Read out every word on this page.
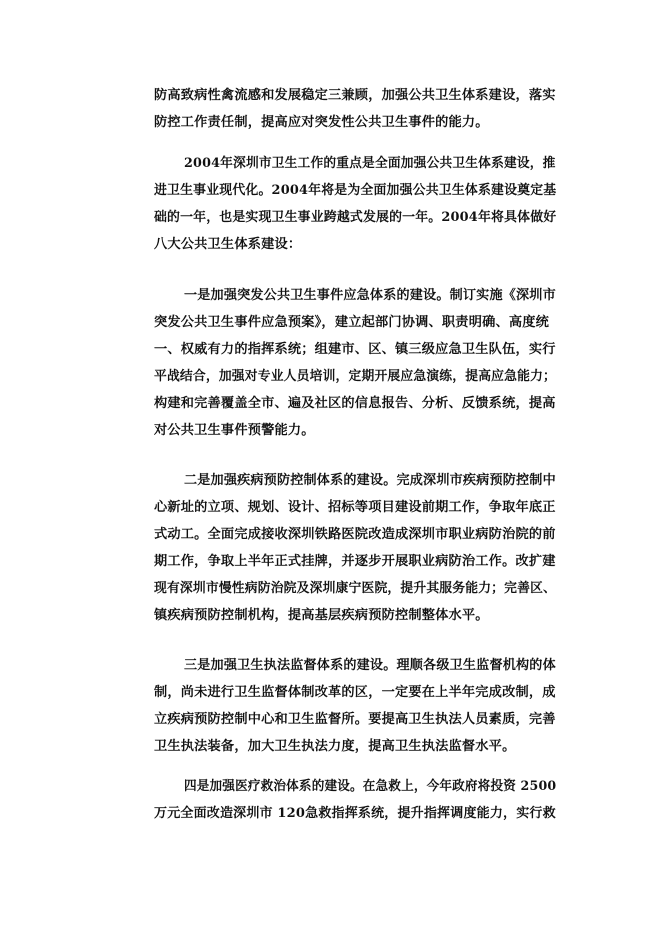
防高致病性禽流感和发展稳定三兼顾，加强公共卫生体系建设，落实
防控工作责任制，提高应对突发性公共卫生事件的能力。
2004年深圳市卫生工作的重点是全面加强公共卫生体系建设，推
进卫生事业现代化。2004年将是为全面加强公共卫生体系建设奠定基
础的一年，也是实现卫生事业跨越式发展的一年。2004年将具体做好
八大公共卫生体系建设：
一是加强突发公共卫生事件应急体系的建设。制订实施《深圳市
突发公共卫生事件应急预案》，建立起部门协调、职责明确、高度统
一、权威有力的指挥系统；组建市、区、镇三级应急卫生队伍，实行
平战结合，加强对专业人员培训，定期开展应急演练，提高应急能力；
构建和完善覆盖全市、遍及社区的信息报告、分析、反馈系统，提高
对公共卫生事件预警能力。
二是加强疾病预防控制体系的建设。完成深圳市疾病预防控制中
心新址的立项、规划、设计、招标等项目建设前期工作，争取年底正
式动工。全面完成接收深圳铁路医院改造成深圳市职业病防治院的前
期工作，争取上半年正式挂牌，并逐步开展职业病防治工作。改扩建
现有深圳市慢性病防治院及深圳康宁医院，提升其服务能力；完善区、
镇疾病预防控制机构，提高基层疾病预防控制整体水平。
三是加强卫生执法监督体系的建设。理顺各级卫生监督机构的体
制，尚未进行卫生监督体制改革的区，一定要在上半年完成改制，成
立疾病预防控制中心和卫生监督所。要提高卫生执法人员素质，完善
卫生执法装备，加大卫生执法力度，提高卫生执法监督水平。
四是加强医疗救治体系的建设。在急救上，今年政府将投资 2500
万元全面改造深圳市 120急救指挥系统，提升指挥调度能力，实行救
